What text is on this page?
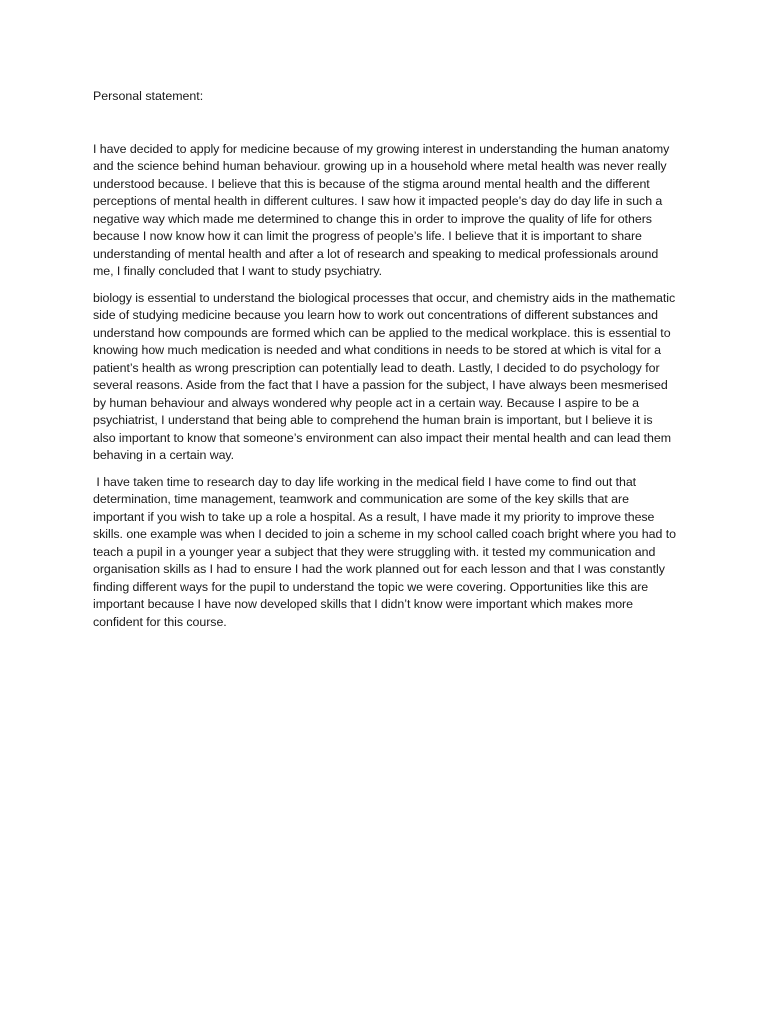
Personal statement:

I have decided to apply for medicine because of my growing interest in understanding the human anatomy and the science behind human behaviour. growing up in a household where metal health was never really understood because. I believe that this is because of the stigma around mental health and the different perceptions of mental health in different cultures. I saw how it impacted people’s day do day life in such a negative way which made me determined to change this in order to improve the quality of life for others because I now know how it can limit the progress of people’s life. I believe that it is important to share understanding of mental health and after a lot of research and speaking to medical professionals around me, I finally concluded that I want to study psychiatry.

biology is essential to understand the biological processes that occur, and chemistry aids in the mathematic side of studying medicine because you learn how to work out concentrations of different substances and understand how compounds are formed which can be applied to the medical workplace. this is essential to knowing how much medication is needed and what conditions in needs to be stored at which is vital for a patient’s health as wrong prescription can potentially lead to death. Lastly, I decided to do psychology for several reasons. Aside from the fact that I have a passion for the subject, I have always been mesmerised by human behaviour and always wondered why people act in a certain way. Because I aspire to be a psychiatrist, I understand that being able to comprehend the human brain is important, but I believe it is also important to know that someone’s environment can also impact their mental health and can lead them behaving in a certain way.

I have taken time to research day to day life working in the medical field I have come to find out that determination, time management, teamwork and communication are some of the key skills that are important if you wish to take up a role a hospital. As a result, I have made it my priority to improve these skills. one example was when I decided to join a scheme in my school called coach bright where you had to teach a pupil in a younger year a subject that they were struggling with. it tested my communication and organisation skills as I had to ensure I had the work planned out for each lesson and that I was constantly finding different ways for the pupil to understand the topic we were covering. Opportunities like this are important because I have now developed skills that I didn’t know were important which makes more confident for this course.
